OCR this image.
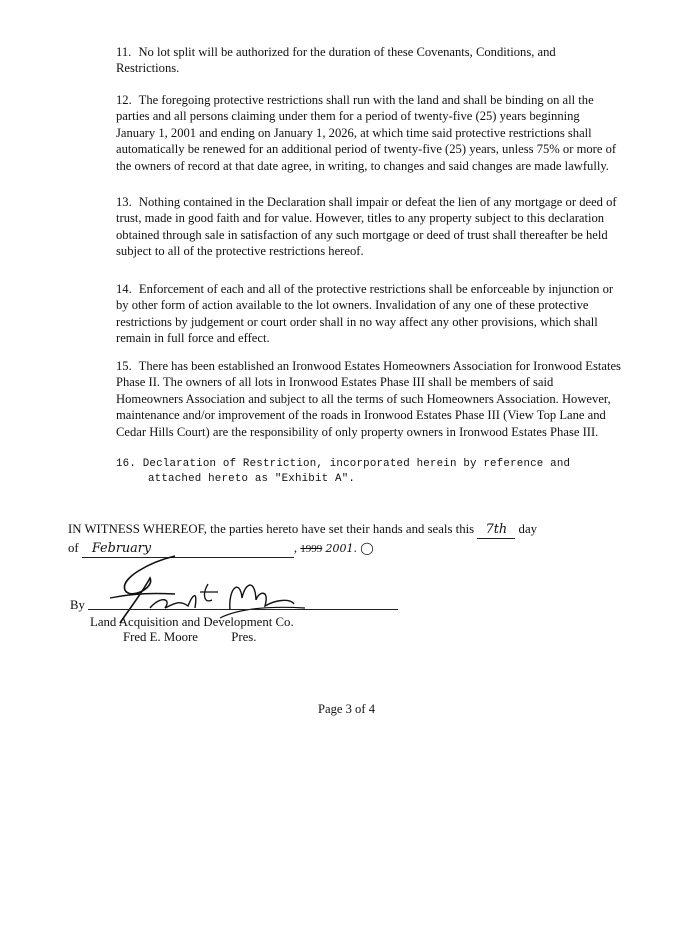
11. No lot split will be authorized for the duration of these Covenants, Conditions, and Restrictions.

12. The foregoing protective restrictions shall run with the land and shall be binding on all the parties and all persons claiming under them for a period of twenty-five (25) years beginning January 1, 2001 and ending on January 1, 2026, at which time said protective restrictions shall automatically be renewed for an additional period of twenty-five (25) years, unless 75% or more of the owners of record at that date agree, in writing, to changes and said changes are made lawfully.

13. Nothing contained in the Declaration shall impair or defeat the lien of any mortgage or deed of trust, made in good faith and for value. However, titles to any property subject to this declaration obtained through sale in satisfaction of any such mortgage or deed of trust shall thereafter be held subject to all of the protective restrictions hereof.

14. Enforcement of each and all of the protective restrictions shall be enforceable by injunction or by other form of action available to the lot owners. Invalidation of any one of these protective restrictions by judgement or court order shall in no way affect any other provisions, which shall remain in full force and effect.

15. There has been established an Ironwood Estates Homeowners Association for Ironwood Estates Phase II. The owners of all lots in Ironwood Estates Phase III shall be members of said Homeowners Association and subject to all the terms of such Homeowners Association. However, maintenance and/or improvement of the roads in Ironwood Estates Phase III (View Top Lane and Cedar Hills Court) are the responsibility of only property owners in Ironwood Estates Phase III.

16. Declaration of Restriction, incorporated herein by reference and
attached hereto as "Exhibit A".

IN WITNESS WHEREOF, the parties hereto have set their hands and seals this 7th day
of February	, 1999 2001. ◯
By
Land Acquisition and Development Co.
Fred E. Moore	Pres.
Page 3 of 4
